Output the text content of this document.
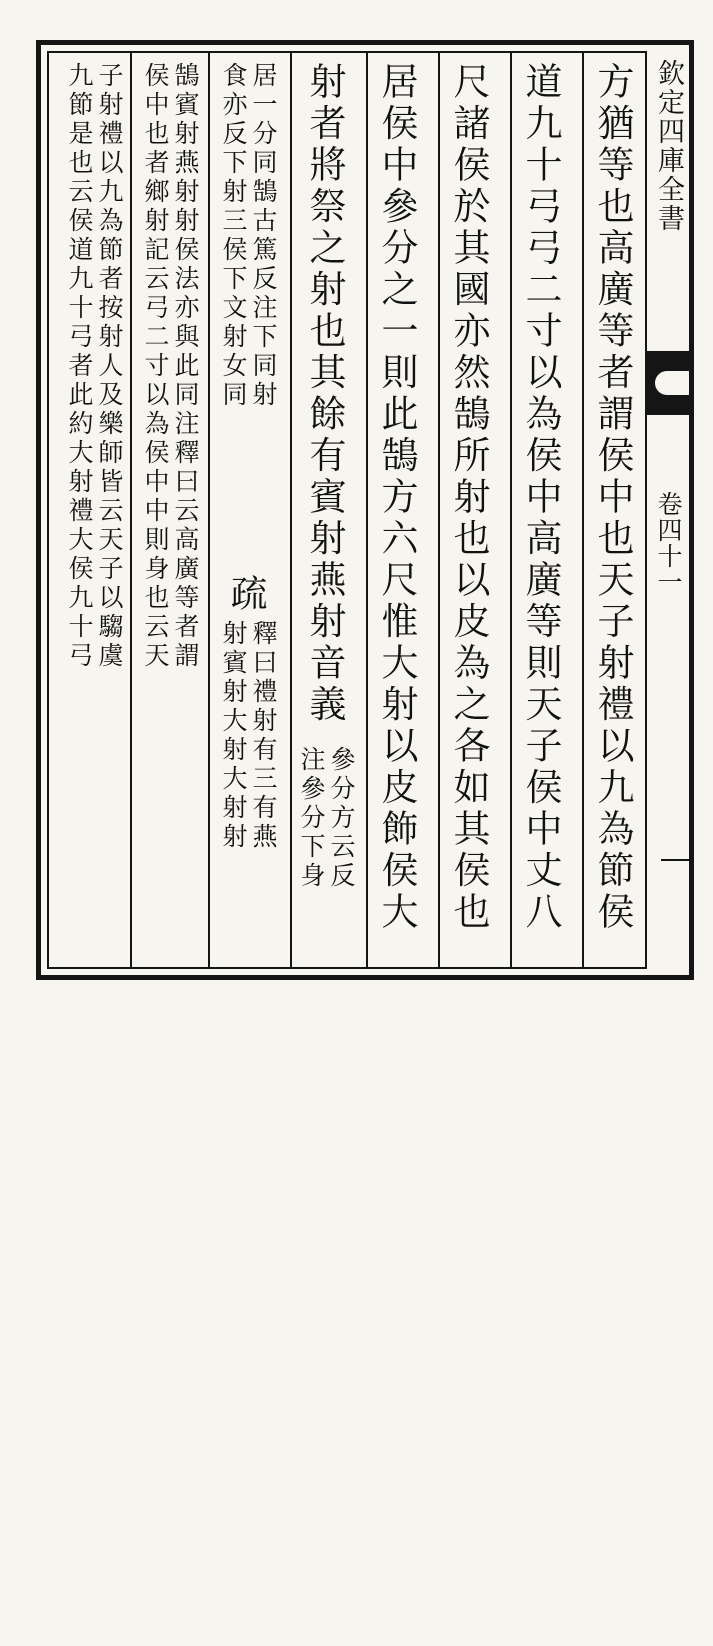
欽定四庫全書
卷四十一
方猶等也高廣等者謂侯中也天子射禮以九為節侯
道九十弓弓二寸以為侯中高廣等則天子侯中丈八
尺諸侯於其國亦然鵠所射也以皮為之各如其侯也
居侯中參分之一則此鵠方六尺惟大射以皮飾侯大
射者將祭之射也其餘有賓射燕射音義
參分方云反
注參分下身
居一分同鵠古篤反注下同射
食亦反下射三侯下文射女同
疏
釋曰禮射有三有燕
射賓射大射大射射
鵠賓射燕射射侯法亦與此同注釋曰云高廣等者謂
侯中也者鄉射記云弓二寸以為侯中中則身也云天
子射禮以九為節者按射人及樂師皆云天子以騶虞
九節是也云侯道九十弓者此約大射禮大侯九十弓
